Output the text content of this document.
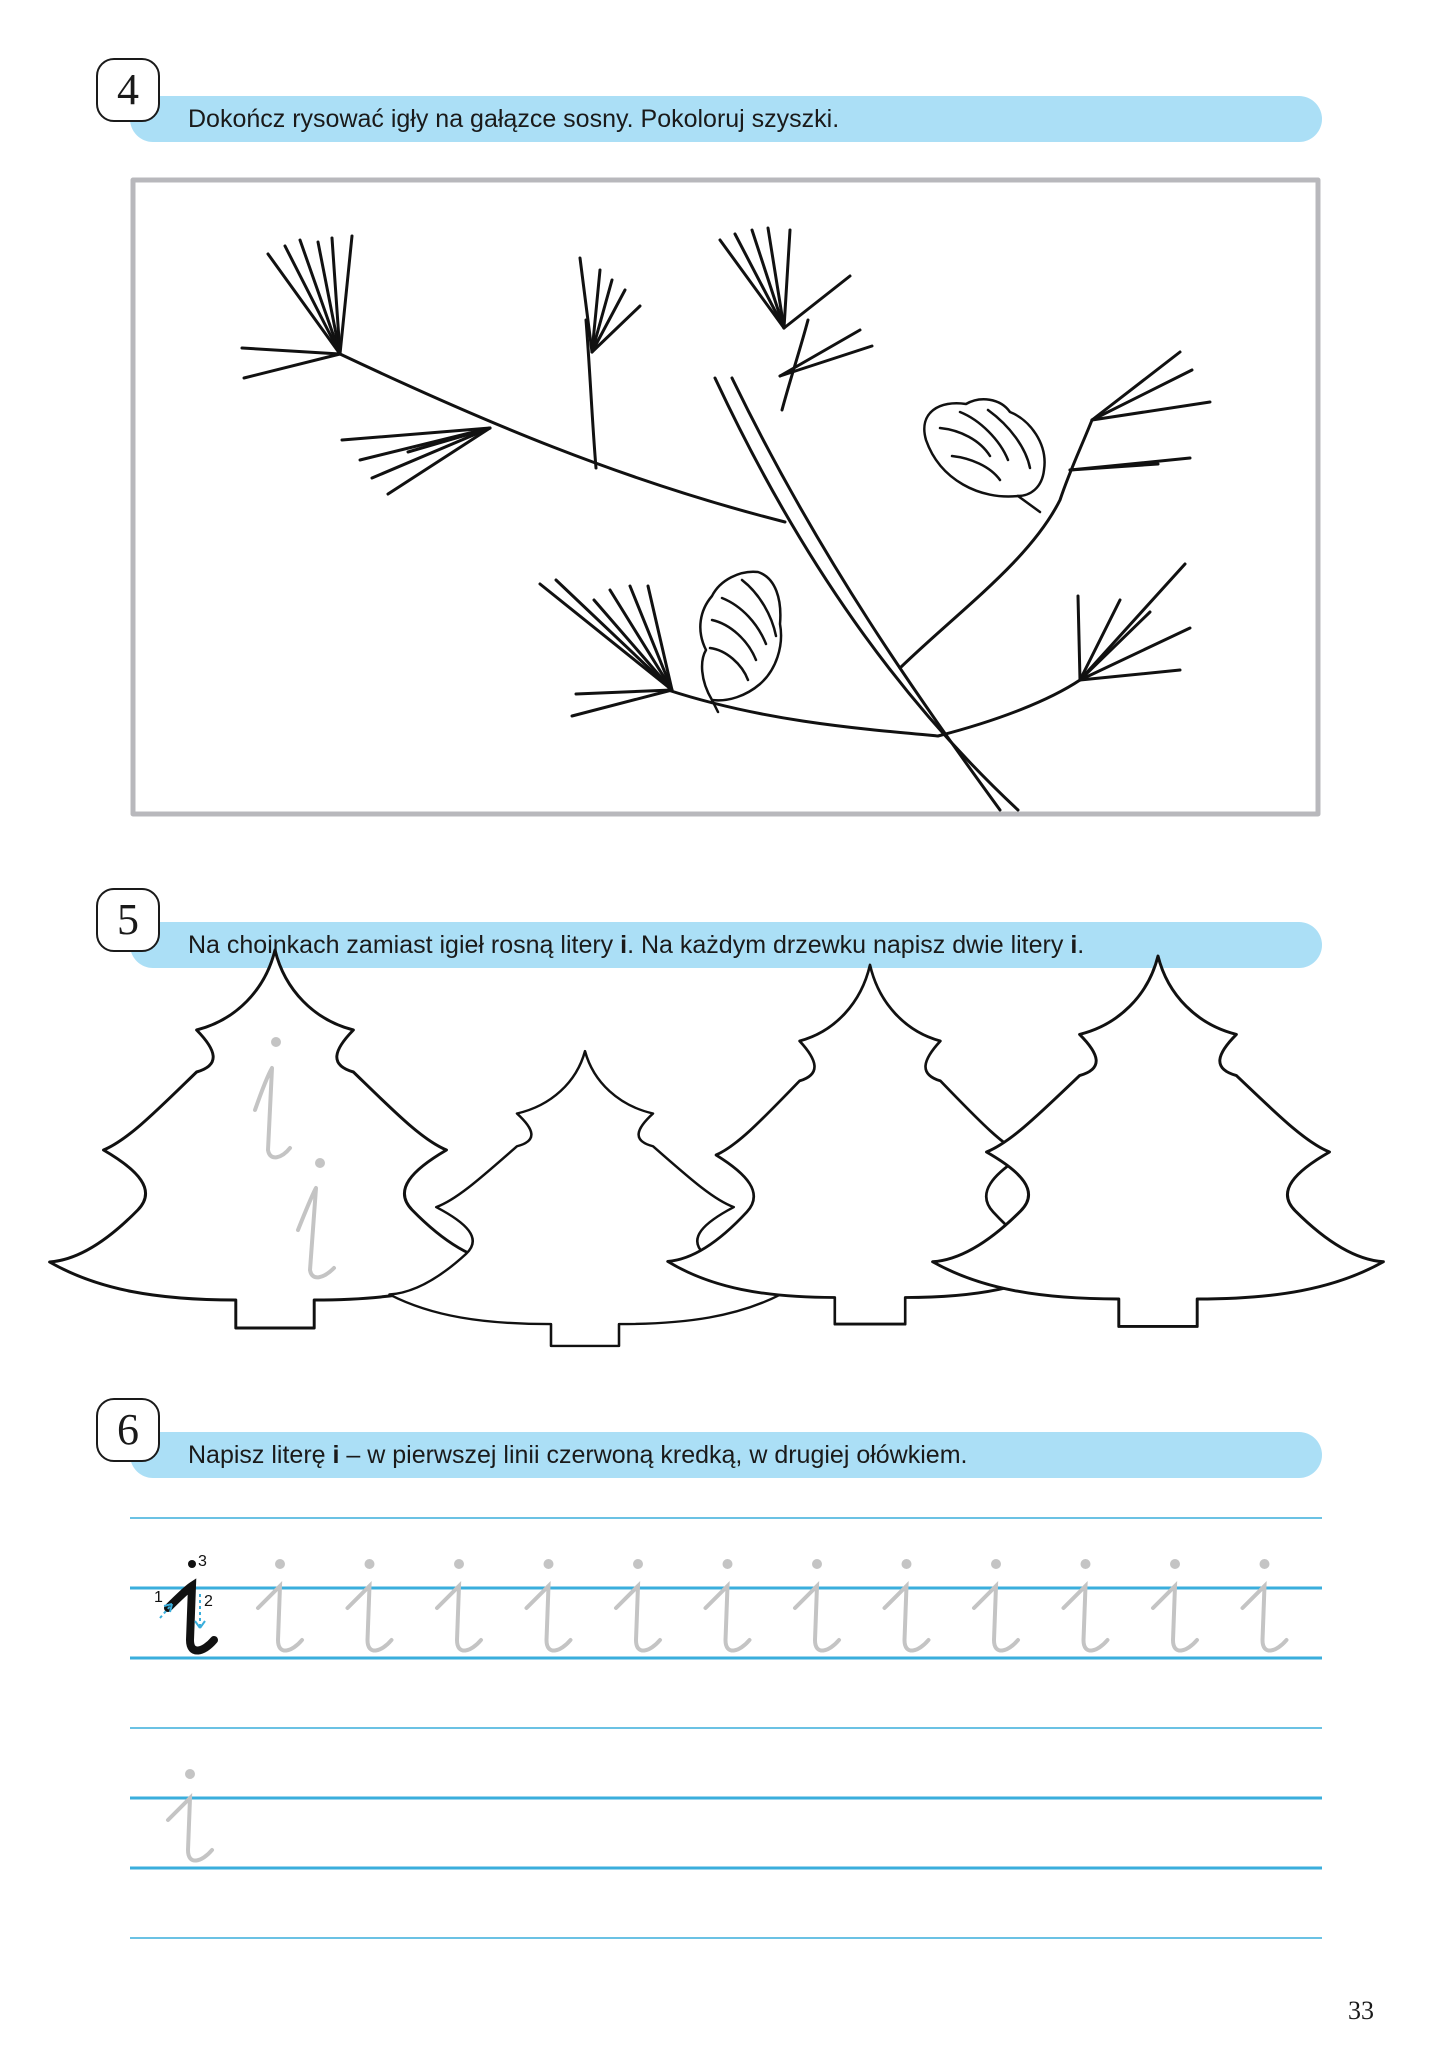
4
Dokończ rysować igły na gałązce sosny. Pokoloruj szyszki.
5
Na choinkach zamiast igieł rosną litery i. Na każdym drzewku napisz dwie litery i.
6
Napisz literę i – w pierwszej linii czerwoną kredką, w drugiej ołówkiem.
1	2
3
33
